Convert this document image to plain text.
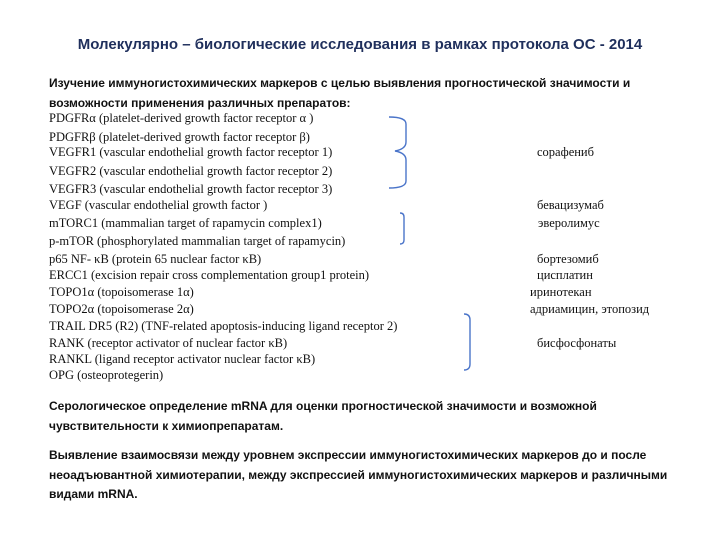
Молекулярно – биологические исследования в рамках протокола ОС - 2014
Изучение иммуногистохимических маркеров с целью выявления прогностической значимости и возможности применения различных препаратов:
PDGFRα (platelet-derived growth factor receptor α )
PDGFRβ (platelet-derived growth factor receptor β)
VEGFR1 (vascular endothelial growth factor receptor 1)
VEGFR2 (vascular endothelial growth factor receptor 2)
VEGFR3 (vascular endothelial growth factor receptor 3)
VEGF (vascular endothelial growth factor )
mTORC1 (mammalian target of rapamycin complex1)
p-mTOR (phosphorylated mammalian target of rapamycin)
p65 NF- κB (protein 65 nuclear factor κB)
ERCC1 (excision repair cross complementation group1 protein)
TOPO1α (topoisomerase 1α)
TOPO2α (topoisomerase 2α)
TRAIL DR5 (R2) (TNF-related apoptosis-inducing ligand receptor 2)
RANK (receptor activator of nuclear factor κB)
RANKL (ligand receptor activator nuclear factor κB)
OPG (osteoprotegerin)
сорафениб
бевацизумаб
эверолимус
бортезомиб
цисплатин
иринотекан
адриамицин, этопозид
бисфосфонаты
Серологическое определение mRNA для оценки прогностической значимости и возможной чувствительности к химиопрепаратам.
Выявление взаимосвязи между уровнем экспрессии иммуногистохимических маркеров до и после неоадъювантной химиотерапии, между экспрессией иммуногистохимических маркеров и различными видами mRNA.
